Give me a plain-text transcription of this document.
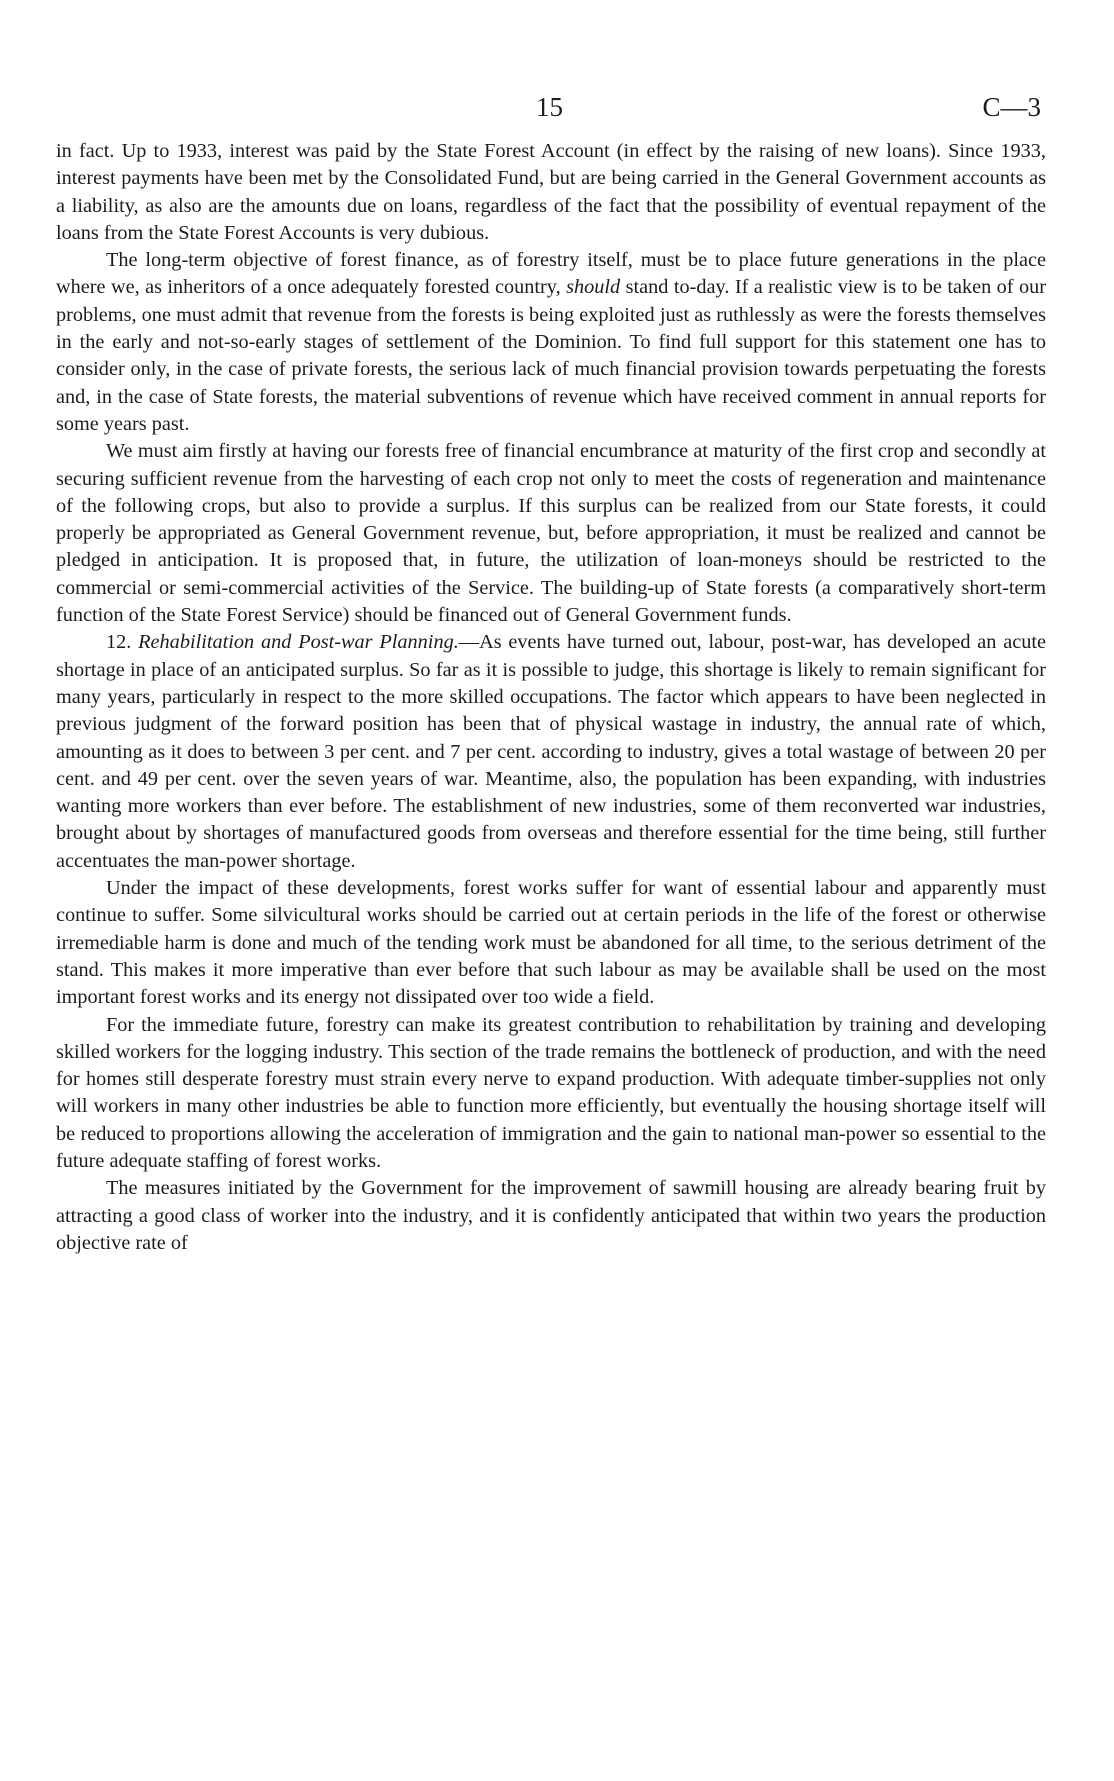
15	C—3

in fact. Up to 1933, interest was paid by the State Forest Account (in effect by the raising of new loans). Since 1933, interest payments have been met by the Consolidated Fund, but are being carried in the General Government accounts as a liability, as also are the amounts due on loans, regardless of the fact that the possibility of eventual repayment of the loans from the State Forest Accounts is very dubious.

The long-term objective of forest finance, as of forestry itself, must be to place future generations in the place where we, as inheritors of a once adequately forested country, should stand to-day. If a realistic view is to be taken of our problems, one must admit that revenue from the forests is being exploited just as ruthlessly as were the forests themselves in the early and not-so-early stages of settlement of the Dominion. To find full support for this statement one has to consider only, in the case of private forests, the serious lack of much financial provision towards perpetuating the forests and, in the case of State forests, the material subventions of revenue which have received comment in annual reports for some years past.

We must aim firstly at having our forests free of financial encumbrance at maturity of the first crop and secondly at securing sufficient revenue from the harvesting of each crop not only to meet the costs of regeneration and maintenance of the following crops, but also to provide a surplus. If this surplus can be realized from our State forests, it could properly be appropriated as General Government revenue, but, before appropriation, it must be realized and cannot be pledged in anticipation. It is proposed that, in future, the utilization of loan-moneys should be restricted to the commercial or semi-commercial activities of the Service. The building-up of State forests (a comparatively short-term function of the State Forest Service) should be financed out of General Government funds.

12. Rehabilitation and Post-war Planning.—As events have turned out, labour, post-war, has developed an acute shortage in place of an anticipated surplus. So far as it is possible to judge, this shortage is likely to remain significant for many years, particularly in respect to the more skilled occupations. The factor which appears to have been neglected in previous judgment of the forward position has been that of physical wastage in industry, the annual rate of which, amounting as it does to between 3 per cent. and 7 per cent. according to industry, gives a total wastage of between 20 per cent. and 49 per cent. over the seven years of war. Meantime, also, the population has been expanding, with industries wanting more workers than ever before. The establishment of new industries, some of them reconverted war industries, brought about by shortages of manufactured goods from overseas and therefore essential for the time being, still further accentuates the man-power shortage.

Under the impact of these developments, forest works suffer for want of essential labour and apparently must continue to suffer. Some silvicultural works should be carried out at certain periods in the life of the forest or otherwise irremediable harm is done and much of the tending work must be abandoned for all time, to the serious detriment of the stand. This makes it more imperative than ever before that such labour as may be available shall be used on the most important forest works and its energy not dissipated over too wide a field.

For the immediate future, forestry can make its greatest contribution to rehabilitation by training and developing skilled workers for the logging industry. This section of the trade remains the bottleneck of production, and with the need for homes still desperate forestry must strain every nerve to expand production. With adequate timber-supplies not only will workers in many other industries be able to function more efficiently, but eventually the housing shortage itself will be reduced to proportions allowing the acceleration of immigration and the gain to national man-power so essential to the future adequate staffing of forest works.

The measures initiated by the Government for the improvement of sawmill housing are already bearing fruit by attracting a good class of worker into the industry, and it is confidently anticipated that within two years the production objective rate of
